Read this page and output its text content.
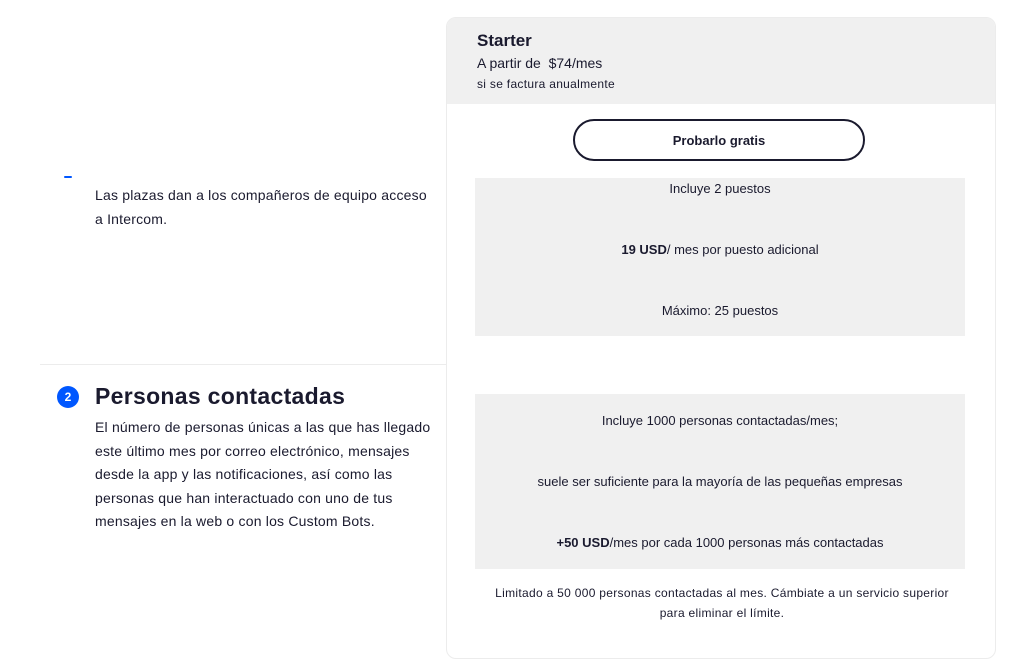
Las plazas dan a los compañeros de equipo acceso a Intercom.
2	Personas contactadas
El número de personas únicas a las que has llegado este último mes por correo electrónico, mensajes desde la app y las notificaciones, así como las personas que han interactuado con uno de tus mensajes en la web o con los Custom Bots.
Starter
A partir de  $74/mes
si se factura anualmente
Probarlo gratis
Incluye 2 puestos
19 USD/ mes por puesto adicional
Máximo: 25 puestos
Incluye 1000 personas contactadas/mes;
suele ser suficiente para la mayoría de las pequeñas empresas
+50 USD/mes por cada 1000 personas más contactadas
Limitado a 50 000 personas contactadas al mes. Cámbiate a un servicio superior para eliminar el límite.
